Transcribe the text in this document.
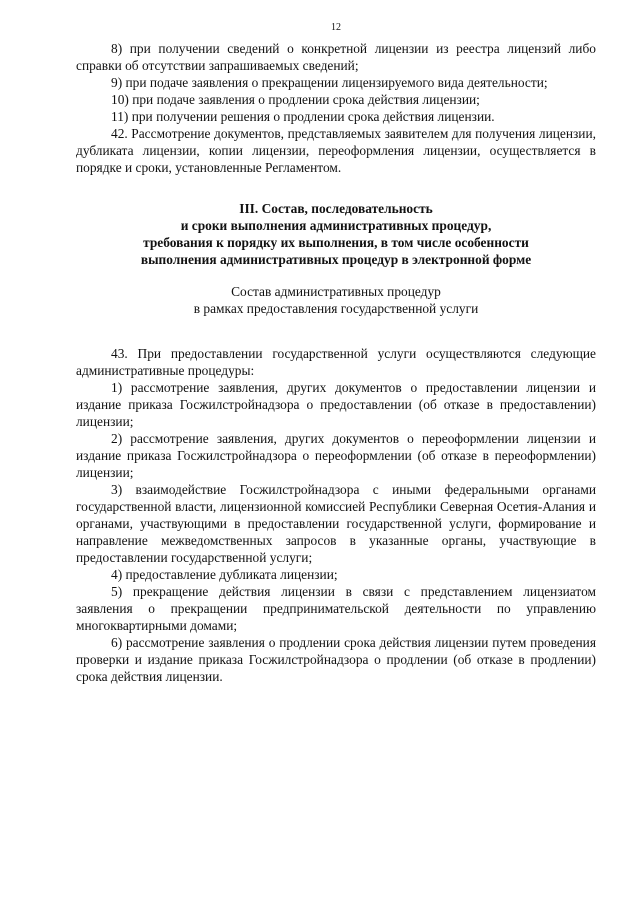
12

8) при получении сведений о конкретной лицензии из реестра лицензий либо справки об отсутствии запрашиваемых сведений;

9) при подаче заявления о прекращении лицензируемого вида деятельности;

10) при подаче заявления о продлении срока действия лицензии;

11) при получении решения о продлении срока действия лицензии.

42. Рассмотрение документов, представляемых заявителем для получения лицензии, дубликата лицензии, копии лицензии, переоформления лицензии, осуществляется в порядке и сроки, установленные Регламентом.

III. Состав, последовательность

и сроки выполнения административных процедур,

требования к порядку их выполнения, в том числе особенности

выполнения административных процедур в электронной форме

Состав административных процедур

в рамках предоставления государственной услуги

43. При предоставлении государственной услуги осуществляются следующие административные процедуры:

1) рассмотрение заявления, других документов о предоставлении лицензии и издание приказа Госжилстройнадзора о предоставлении (об отказе в предоставлении) лицензии;

2) рассмотрение заявления, других документов о переоформлении лицензии и издание приказа Госжилстройнадзора о переоформлении (об отказе в переоформлении) лицензии;

3) взаимодействие Госжилстройнадзора с иными федеральными органами государственной власти, лицензионной комиссией Республики Северная Осетия-Алания и органами, участвующими в предоставлении государственной услуги, формирование и направление межведомственных запросов в указанные органы, участвующие в предоставлении государственной услуги;

4) предоставление дубликата лицензии;

5) прекращение действия лицензии в связи с представлением лицензиатом заявления о прекращении предпринимательской деятельности по управлению многоквартирными домами;

6) рассмотрение заявления о продлении срока действия лицензии путем проведения проверки и издание приказа Госжилстройнадзора о продлении (об отказе в продлении) срока действия лицензии.
